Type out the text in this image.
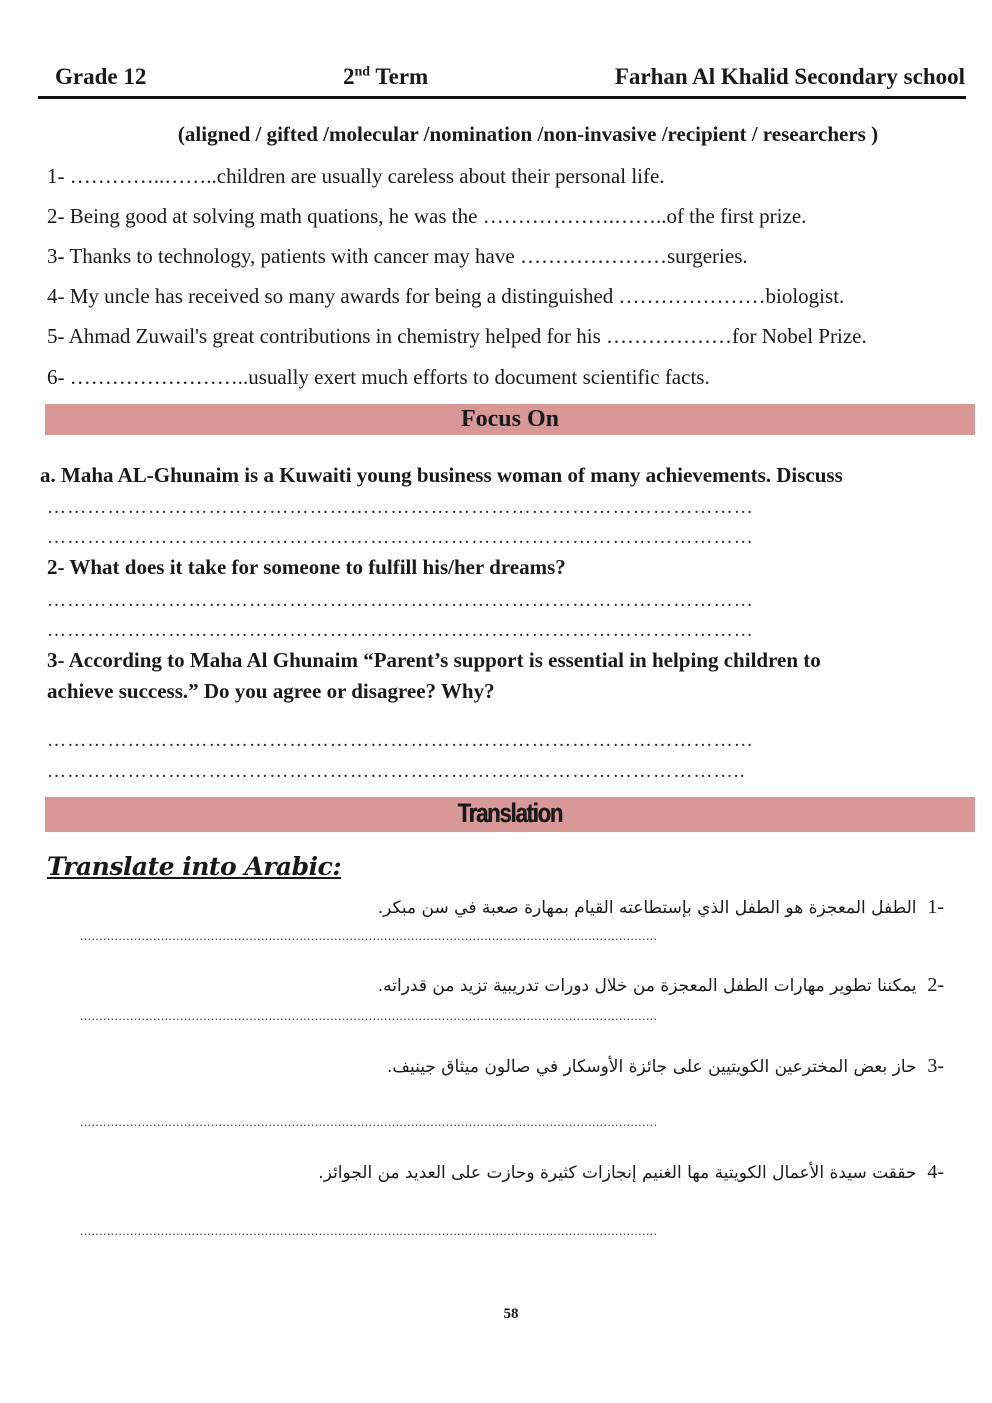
Grade 12	2nd Term	Farhan Al Khalid Secondary school
(aligned / gifted /molecular /nomination /non-invasive /recipient / researchers )
1- …………..……..children are usually careless about their personal life.
2- Being good at solving math quations, he was the ……………….……..of the first prize.
3- Thanks to technology, patients with cancer may have …………………surgeries.
4- My uncle has received so many awards for being a distinguished …………………biologist.
5- Ahmad Zuwail's great contributions in chemistry helped for his ………………for Nobel Prize.
6- ……………………..usually exert much efforts to document scientific facts.
Focus On
a. Maha AL-Ghunaim is a Kuwaiti young business woman of many achievements. Discuss
……………………………………………………………………………………………
……………………………………………………………………………………………
2- What does it take for someone to fulfill his/her dreams?
……………………………………………………………………………………………
……………………………………………………………………………………………
3- According to Maha Al Ghunaim “Parent’s support is essential in helping children to
achieve success.” Do you agree or disagree? Why?
……………………………………………………………………………………………
…………………………………………………………………………………………..
Translation
Translate into Arabic:
-1  الطفل المعجزة هو الطفل الذي بإستطاعته القيام بمهارة صعبة في سن مبكر.
......................................................................................................................................................
-2  يمكننا تطوير مهارات الطفل المعجزة من خلال دورات تدريبية تزيد من قدراته.
......................................................................................................................................................
-3  حاز بعض المخترعين الكويتيين على جائزة الأوسكار في صالون ميثاق جينيف.
......................................................................................................................................................
-4  حققت سيدة الأعمال الكويتية مها الغنيم إنجازات كثيرة وحازت على العديد من الجوائز.
......................................................................................................................................................
58
